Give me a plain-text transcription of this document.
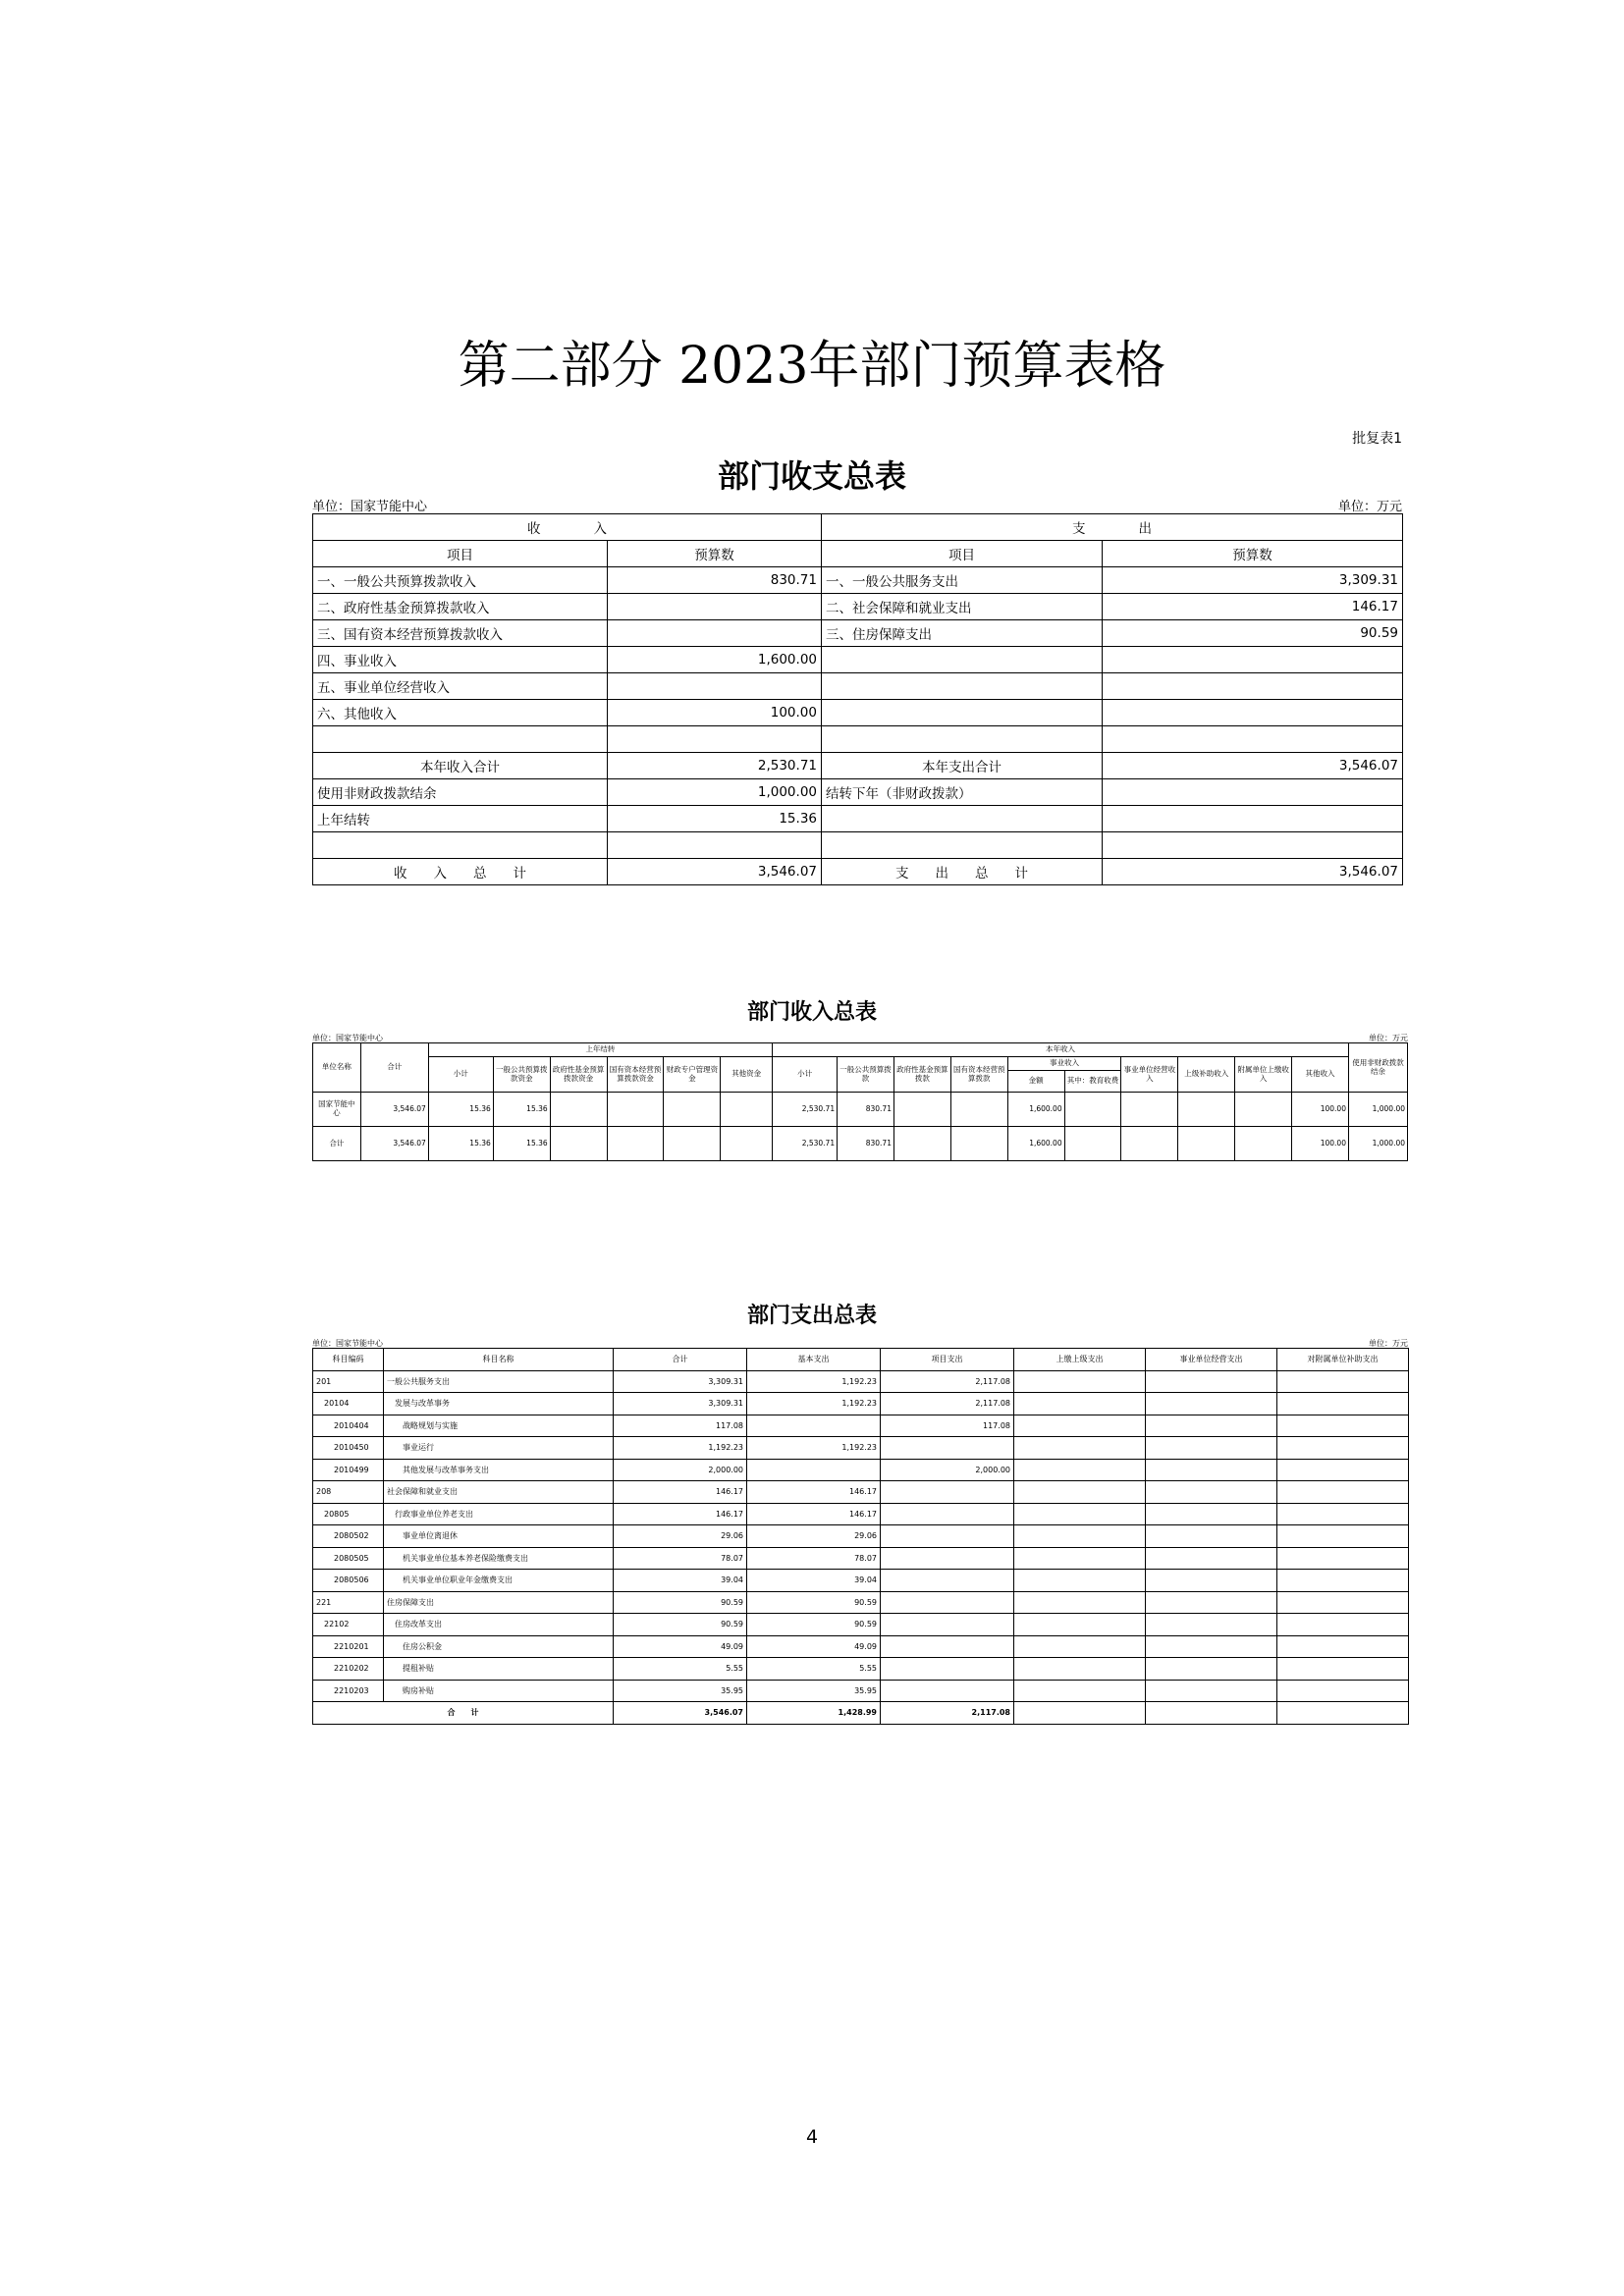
第二部分 2023年部门预算表格
批复表1
部门收支总表
单位：国家节能中心	单位：万元
收　　　　入		支　　　　出	
项目	预算数	项目	预算数
一、一般公共预算拨款收入	830.71	一、一般公共服务支出	3,309.31
二、政府性基金预算拨款收入		二、社会保障和就业支出	146.17
三、国有资本经营预算拨款收入		三、住房保障支出	90.59
四、事业收入	1,600.00		
五、事业单位经营收入			
六、其他收入	100.00		

本年收入合计	2,530.71	本年支出合计	3,546.07
使用非财政拨款结余	1,000.00	结转下年（非财政拨款）	
上年结转	15.36		

收　　入　　总　　计	3,546.07	支　　出　　总　　计	3,546.07
部门收入总表
单位：国家节能中心	单位：万元
单位名称	合计	上年结转						本年收入										使用非财政拨款结余
		小计	一般公共预算拨款资金	政府性基金预算拨款资金	国有资本经营预算拨款资金	财政专户管理资金	其他资金	小计	一般公共预算拨款	政府性基金预算拨款	国有资本经营预算拨款	事业收入		事业单位经营收入	上级补助收入	附属单位上缴收入	其他收入	
												金额	其中：教育收费					
国家节能中心	3,546.07	15.36	15.36					2,530.71	830.71			1,600.00					100.00	1,000.00
合计	3,546.07	15.36	15.36					2,530.71	830.71			1,600.00					100.00	1,000.00
部门支出总表
单位：国家节能中心	单位：万元
科目编码	科目名称	合计	基本支出	项目支出	上缴上级支出	事业单位经营支出	对附属单位补助支出
201	一般公共服务支出	3,309.31	1,192.23	2,117.08			
20104	发展与改革事务	3,309.31	1,192.23	2,117.08			
2010404	战略规划与实施	117.08		117.08			
2010450	事业运行	1,192.23	1,192.23				
2010499	其他发展与改革事务支出	2,000.00		2,000.00			
208	社会保障和就业支出	146.17	146.17				
20805	行政事业单位养老支出	146.17	146.17				
2080502	事业单位离退休	29.06	29.06				
2080505	机关事业单位基本养老保险缴费支出	78.07	78.07				
2080506	机关事业单位职业年金缴费支出	39.04	39.04				
221	住房保障支出	90.59	90.59				
22102	住房改革支出	90.59	90.59				
2210201	住房公积金	49.09	49.09				
2210202	提租补贴	5.55	5.55				
2210203	购房补贴	35.95	35.95				
合　　计		3,546.07	1,428.99	2,117.08			
4
